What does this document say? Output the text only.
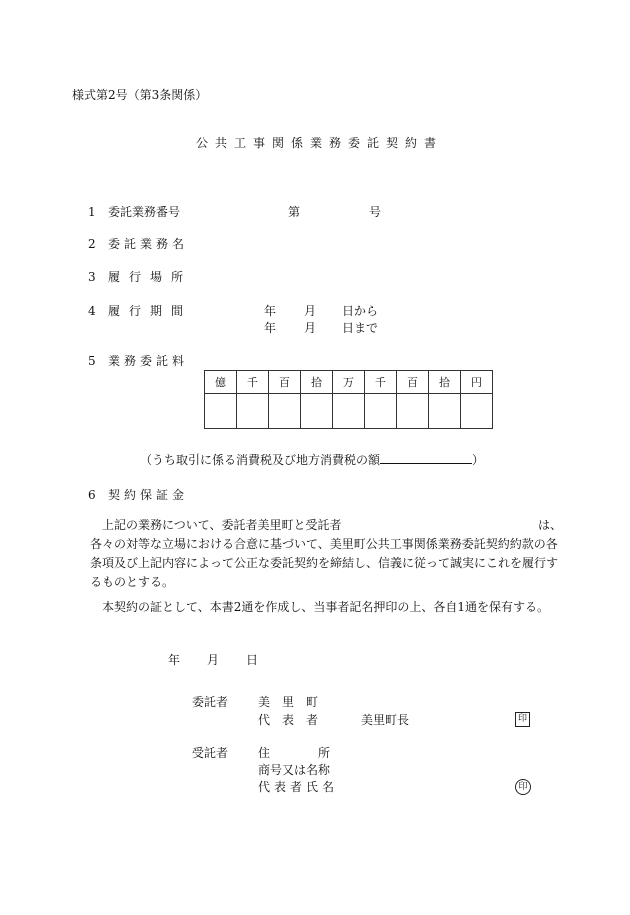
様式第2号（第3条関係）
公共工事関係業務委託契約書
1 委託業務番号	第	号
2 委託業務名
3 履行場所
4 履行期間	年 月 日から
年 月 日まで
5 業務委託料
億	千	百	拾	万	千	百	拾	円

（うち取引に係る消費税及び地方消費税の額	）
6 契約保証金
上記の業務について、委託者美里町と受託者	は、
各々の対等な立場における合意に基づいて、美里町公共工事関係業務委託契約約款の各条項及び上記内容によって公正な委託契約を締結し、信義に従って誠実にこれを履行するものとする。
本契約の証として、本書2通を作成し、当事者記名押印の上、各自1通を保有する。
年 月 日
委託者 美　里　町
代　表　者	美里町長	印
受託者 住　　　　所
商号又は名称
代表者氏名	印
